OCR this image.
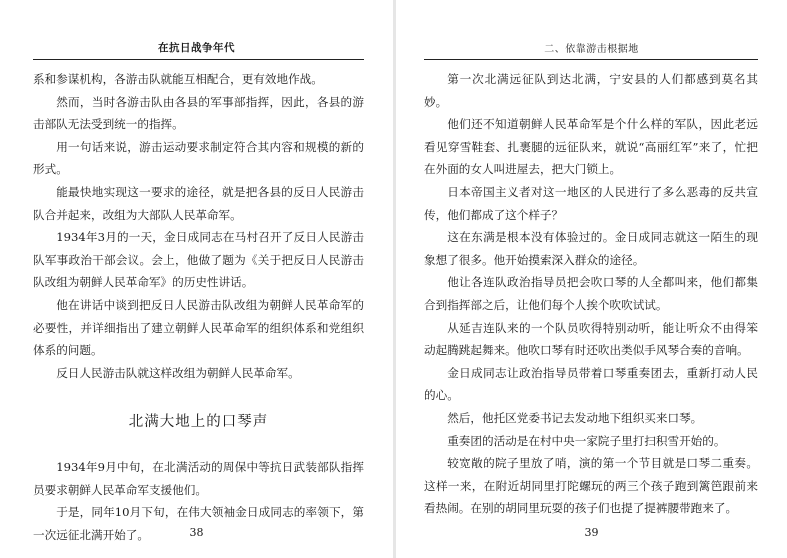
在抗日战争年代

系和参谋机构，各游击队就能互相配合，更有效地作战。

然而，当时各游击队由各县的军事部指挥，因此，各县的游击部队无法受到统一的指挥。

用一句话来说，游击运动要求制定符合其内容和规模的新的形式。

能最快地实现这一要求的途径，就是把各县的反日人民游击队合并起来，改组为大部队人民革命军。

1934年3月的一天，金日成同志在马村召开了反日人民游击队军事政治干部会议。会上，他做了题为《关于把反日人民游击队改组为朝鲜人民革命军》的历史性讲话。

他在讲话中谈到把反日人民游击队改组为朝鲜人民革命军的必要性，并详细指出了建立朝鲜人民革命军的组织体系和党组织体系的问题。

反日人民游击队就这样改组为朝鲜人民革命军。

北满大地上的口琴声

1934年9月中旬，在北满活动的周保中等抗日武装部队指挥员要求朝鲜人民革命军支援他们。

于是，同年10月下旬，在伟大领袖金日成同志的率领下，第一次远征北满开始了。	38
二、依靠游击根据地

第一次北满远征队到达北满，宁安县的人们都感到莫名其妙。

他们还不知道朝鲜人民革命军是个什么样的军队，因此老远看见穿雪鞋套、扎裹腿的远征队来，就说“高丽红军”来了，忙把在外面的女人叫进屋去，把大门锁上。

日本帝国主义者对这一地区的人民进行了多么恶毒的反共宣传，他们都成了这个样子？

这在东满是根本没有体验过的。金日成同志就这一陌生的现象想了很多。他开始摸索深入群众的途径。

他让各连队政治指导员把会吹口琴的人全都叫来，他们都集合到指挥部之后，让他们每个人挨个吹吹试试。

从延吉连队来的一个队员吹得特别动听，能让听众不由得笨动起腾跳起舞来。他吹口琴有时还吹出类似手风琴合奏的音响。

金日成同志让政治指导员带着口琴重奏团去，重新打动人民的心。

然后，他托区党委书记去发动地下组织买来口琴。

重奏团的活动是在村中央一家院子里打扫积雪开始的。

较宽敞的院子里放了哨，演的第一个节目就是口琴二重奏。这样一来，在附近胡同里打陀螺玩的两三个孩子跑到篱笆跟前来看热闹。在别的胡同里玩耍的孩子们也提了提裤腰带跑来了。

39
